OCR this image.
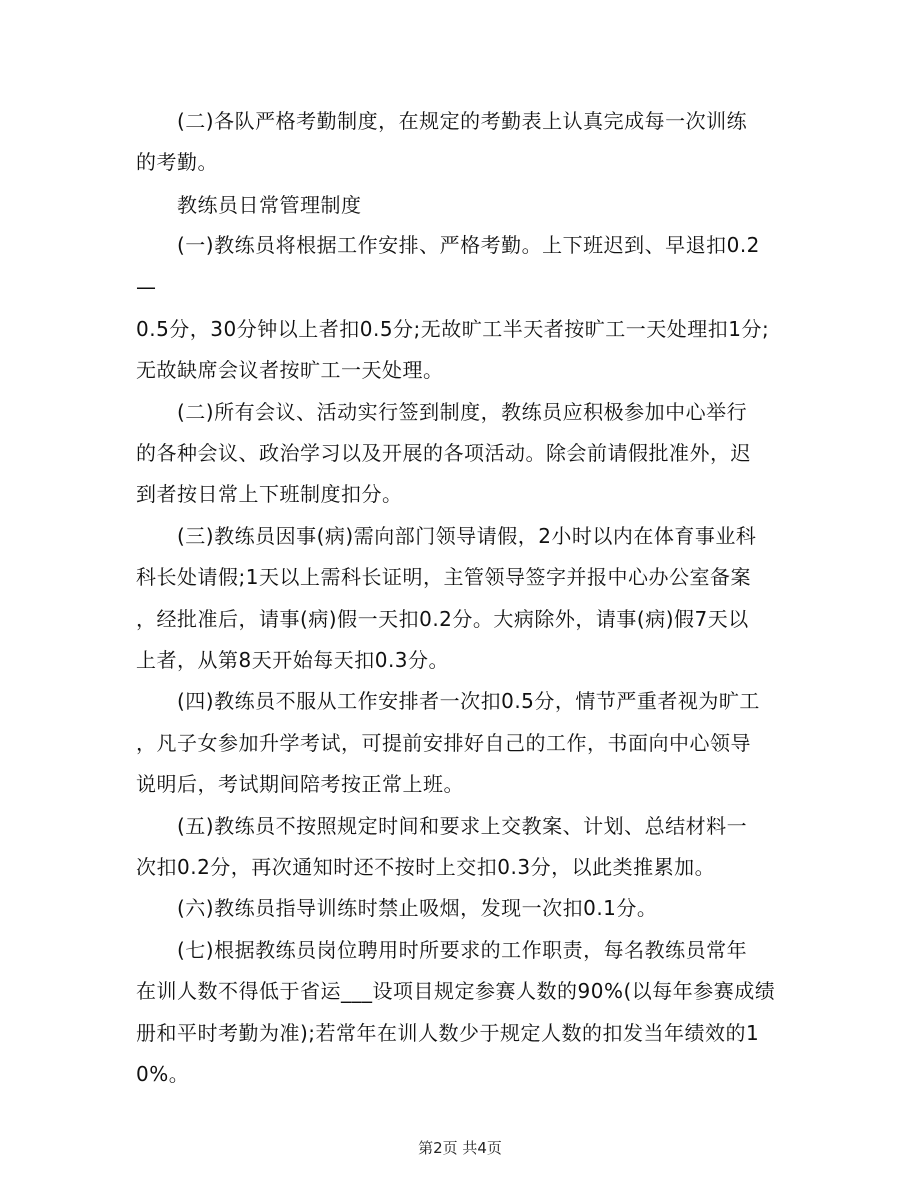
　　(二)各队严格考勤制度，在规定的考勤表上认真完成每一次训练
的考勤。
　　教练员日常管理制度
　　(一)教练员将根据工作安排、严格考勤。上下班迟到、早退扣0.2
—
0.5分，30分钟以上者扣0.5分;无故旷工半天者按旷工一天处理扣1分;
无故缺席会议者按旷工一天处理。
　　(二)所有会议、活动实行签到制度，教练员应积极参加中心举行
的各种会议、政治学习以及开展的各项活动。除会前请假批准外，迟
到者按日常上下班制度扣分。
　　(三)教练员因事(病)需向部门领导请假，2小时以内在体育事业科
科长处请假;1天以上需科长证明，主管领导签字并报中心办公室备案
，经批准后，请事(病)假一天扣0.2分。大病除外，请事(病)假7天以
上者，从第8天开始每天扣0.3分。
　　(四)教练员不服从工作安排者一次扣0.5分，情节严重者视为旷工
，凡子女参加升学考试，可提前安排好自己的工作，书面向中心领导
说明后，考试期间陪考按正常上班。
　　(五)教练员不按照规定时间和要求上交教案、计划、总结材料一
次扣0.2分，再次通知时还不按时上交扣0.3分，以此类推累加。
　　(六)教练员指导训练时禁止吸烟，发现一次扣0.1分。
　　(七)根据教练员岗位聘用时所要求的工作职责，每名教练员常年
在训人数不得低于省运___设项目规定参赛人数的90%(以每年参赛成绩
册和平时考勤为准);若常年在训人数少于规定人数的扣发当年绩效的1
0%。
第2页 共4页
